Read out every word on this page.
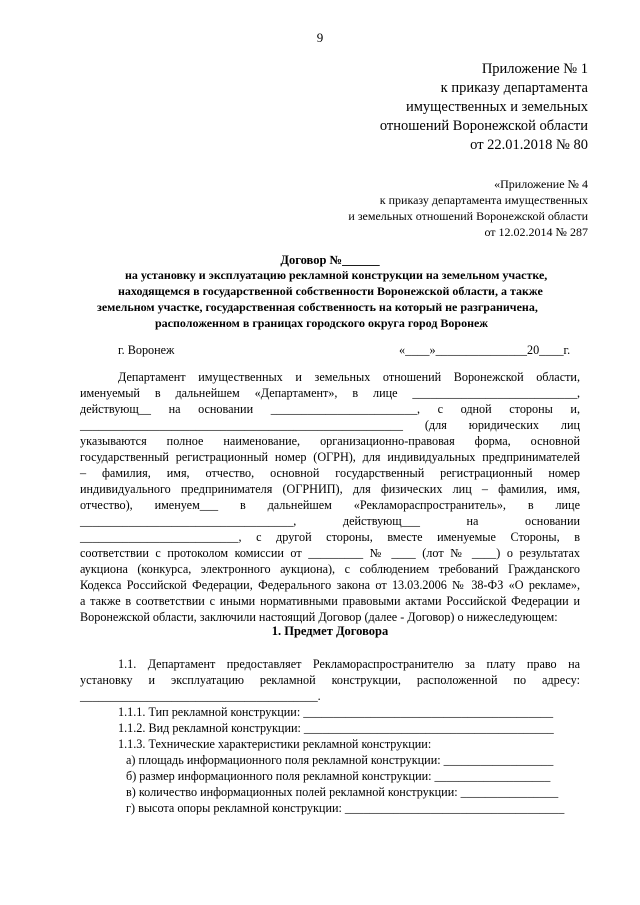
9
Приложение № 1
к приказу департамента
имущественных и земельных
отношений Воронежской области
от 22.01.2018 № 80
«Приложение № 4
к приказу департамента имущественных
и земельных отношений Воронежской области
от 12.02.2014 № 287
Договор №______
на установку и эксплуатацию рекламной конструкции на земельном участке,
находящемся в государственной собственности Воронежской области, а также
земельном участке, государственная собственность на который не разграничена,
расположенном в границах городского округа город Воронеж
г. Воронеж	«____»_______________20____г.
Департамент имущественных и земельных отношений Воронежской области,
именуемый в дальнейшем «Департамент», в лице ___________________________,
действующ__ на основании ________________________, с одной стороны и,
_____________________________________________________ (для юридических лиц
указываются полное наименование, организационно-правовая форма, основной
государственный регистрационный номер (ОГРН), для индивидуальных предпринимателей
– фамилия, имя, отчество, основной государственный регистрационный номер
индивидуального предпринимателя (ОГРНИП), для физических лиц – фамилия, имя,
отчество), именуем___ в дальнейшем «Рекламораспространитель», в лице
___________________________________, действующ___ на основании
__________________________, с другой стороны, вместе именуемые Стороны, в
соответствии с протоколом комиссии от _________ № ____ (лот № ____) о результатах
аукциона (конкурса, электронного аукциона), с соблюдением требований Гражданского
Кодекса Российской Федерации, Федерального закона от 13.03.2006 № 38-ФЗ «О рекламе»,
а также в соответствии с иными нормативными правовыми актами Российской Федерации и
Воронежской области, заключили настоящий Договор (далее - Договор) о нижеследующем:
1. Предмет Договора
1.1. Департамент предоставляет Рекламораспространителю за плату право на
установку и эксплуатацию рекламной конструкции, расположенной по адресу:
_______________________________________.
1.1.1. Тип рекламной конструкции: _________________________________________
1.1.2. Вид рекламной конструкции: _________________________________________
1.1.3. Технические характеристики рекламной конструкции:
а) площадь информационного поля рекламной конструкции: __________________
б) размер информационного поля рекламной конструкции: ___________________
в) количество информационных полей рекламной конструкции: ________________
г) высота опоры рекламной конструкции: ____________________________________
